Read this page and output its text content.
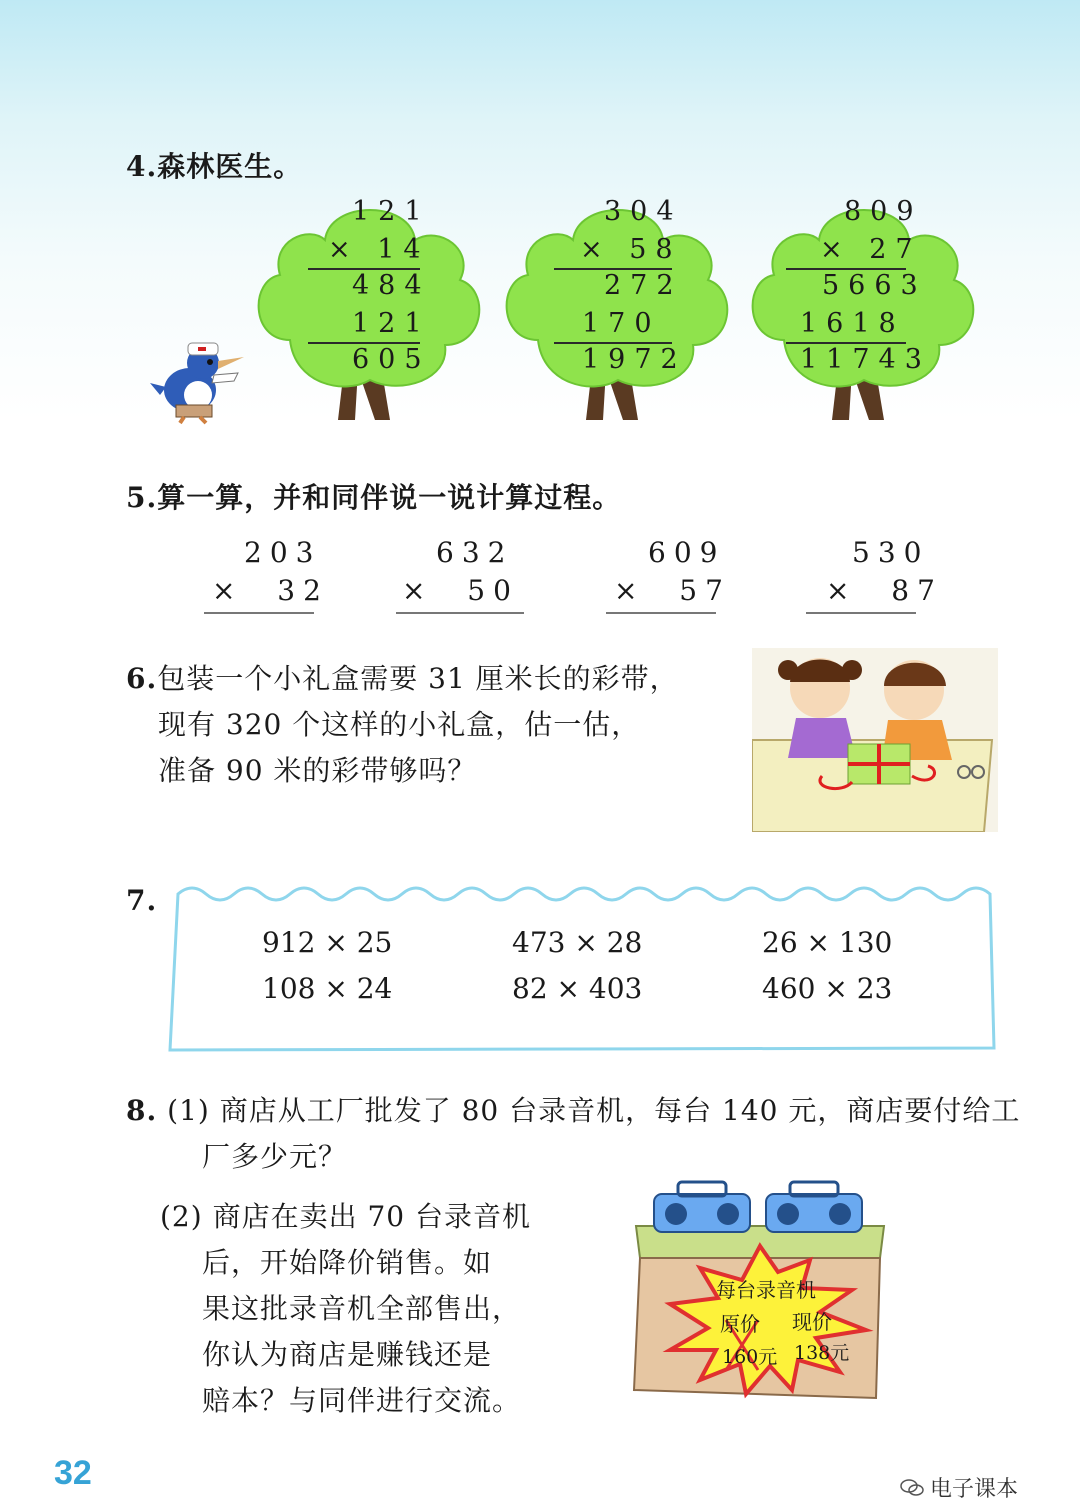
4.森林医生。
121
× 14
484
121
605
304
× 58
272
170
1972
809
× 27
5663
1618
11743
5.算一算，并和同伴说一说计算过程。
203
×  32
632
×  50
609
×  57
530
×  87
6.包装一个小礼盒需要 31 厘米长的彩带，
现有 320 个这样的小礼盒，估一估，
准备 90 米的彩带够吗？
7.
912 × 25	473 × 28	26 × 130
108 × 24	82 × 403	460 × 23
8. (1) 商店从工厂批发了 80 台录音机，每台 140 元，商店要付给工
厂多少元？
(2) 商店在卖出 70 台录音机
后，开始降价销售。如
果这批录音机全部售出，
你认为商店是赚钱还是
赔本？与同伴进行交流。
每台录音机
原价 现价
160元 138元
32	电子课本
